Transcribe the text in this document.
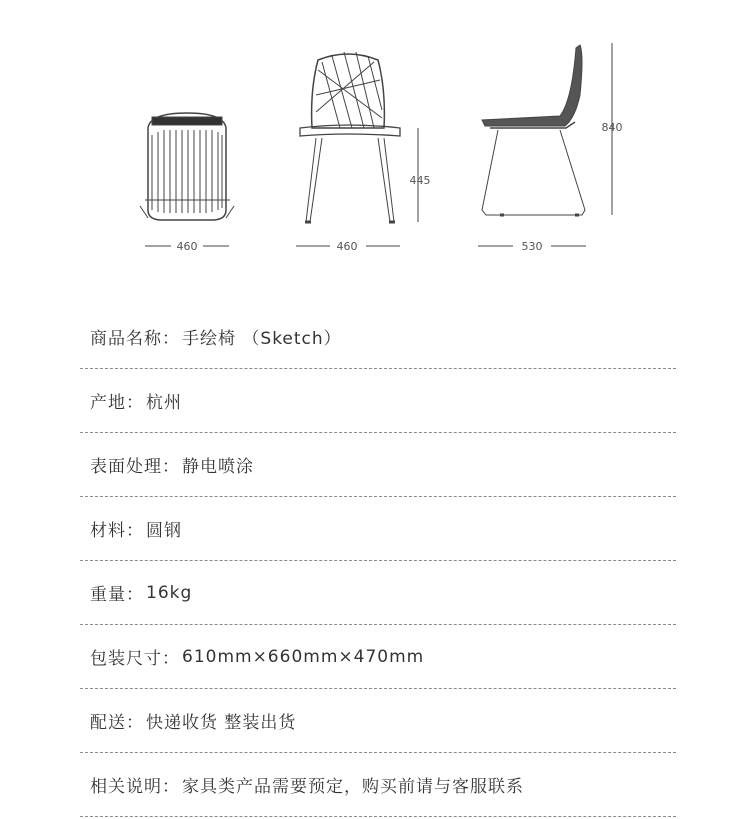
460
445
460
840
530
商品名称 ：	手绘椅 （Sketch）
产地 ：	杭州
表面处理 ：	静电喷涂
材料 ：	圆钢
重量 ：	16kg
包装尺寸 ：	610mm×660mm×470mm
配送 ：	快递收货 整装出货
相关说明 ：	家具类产品需要预定，购买前请与客服联系
